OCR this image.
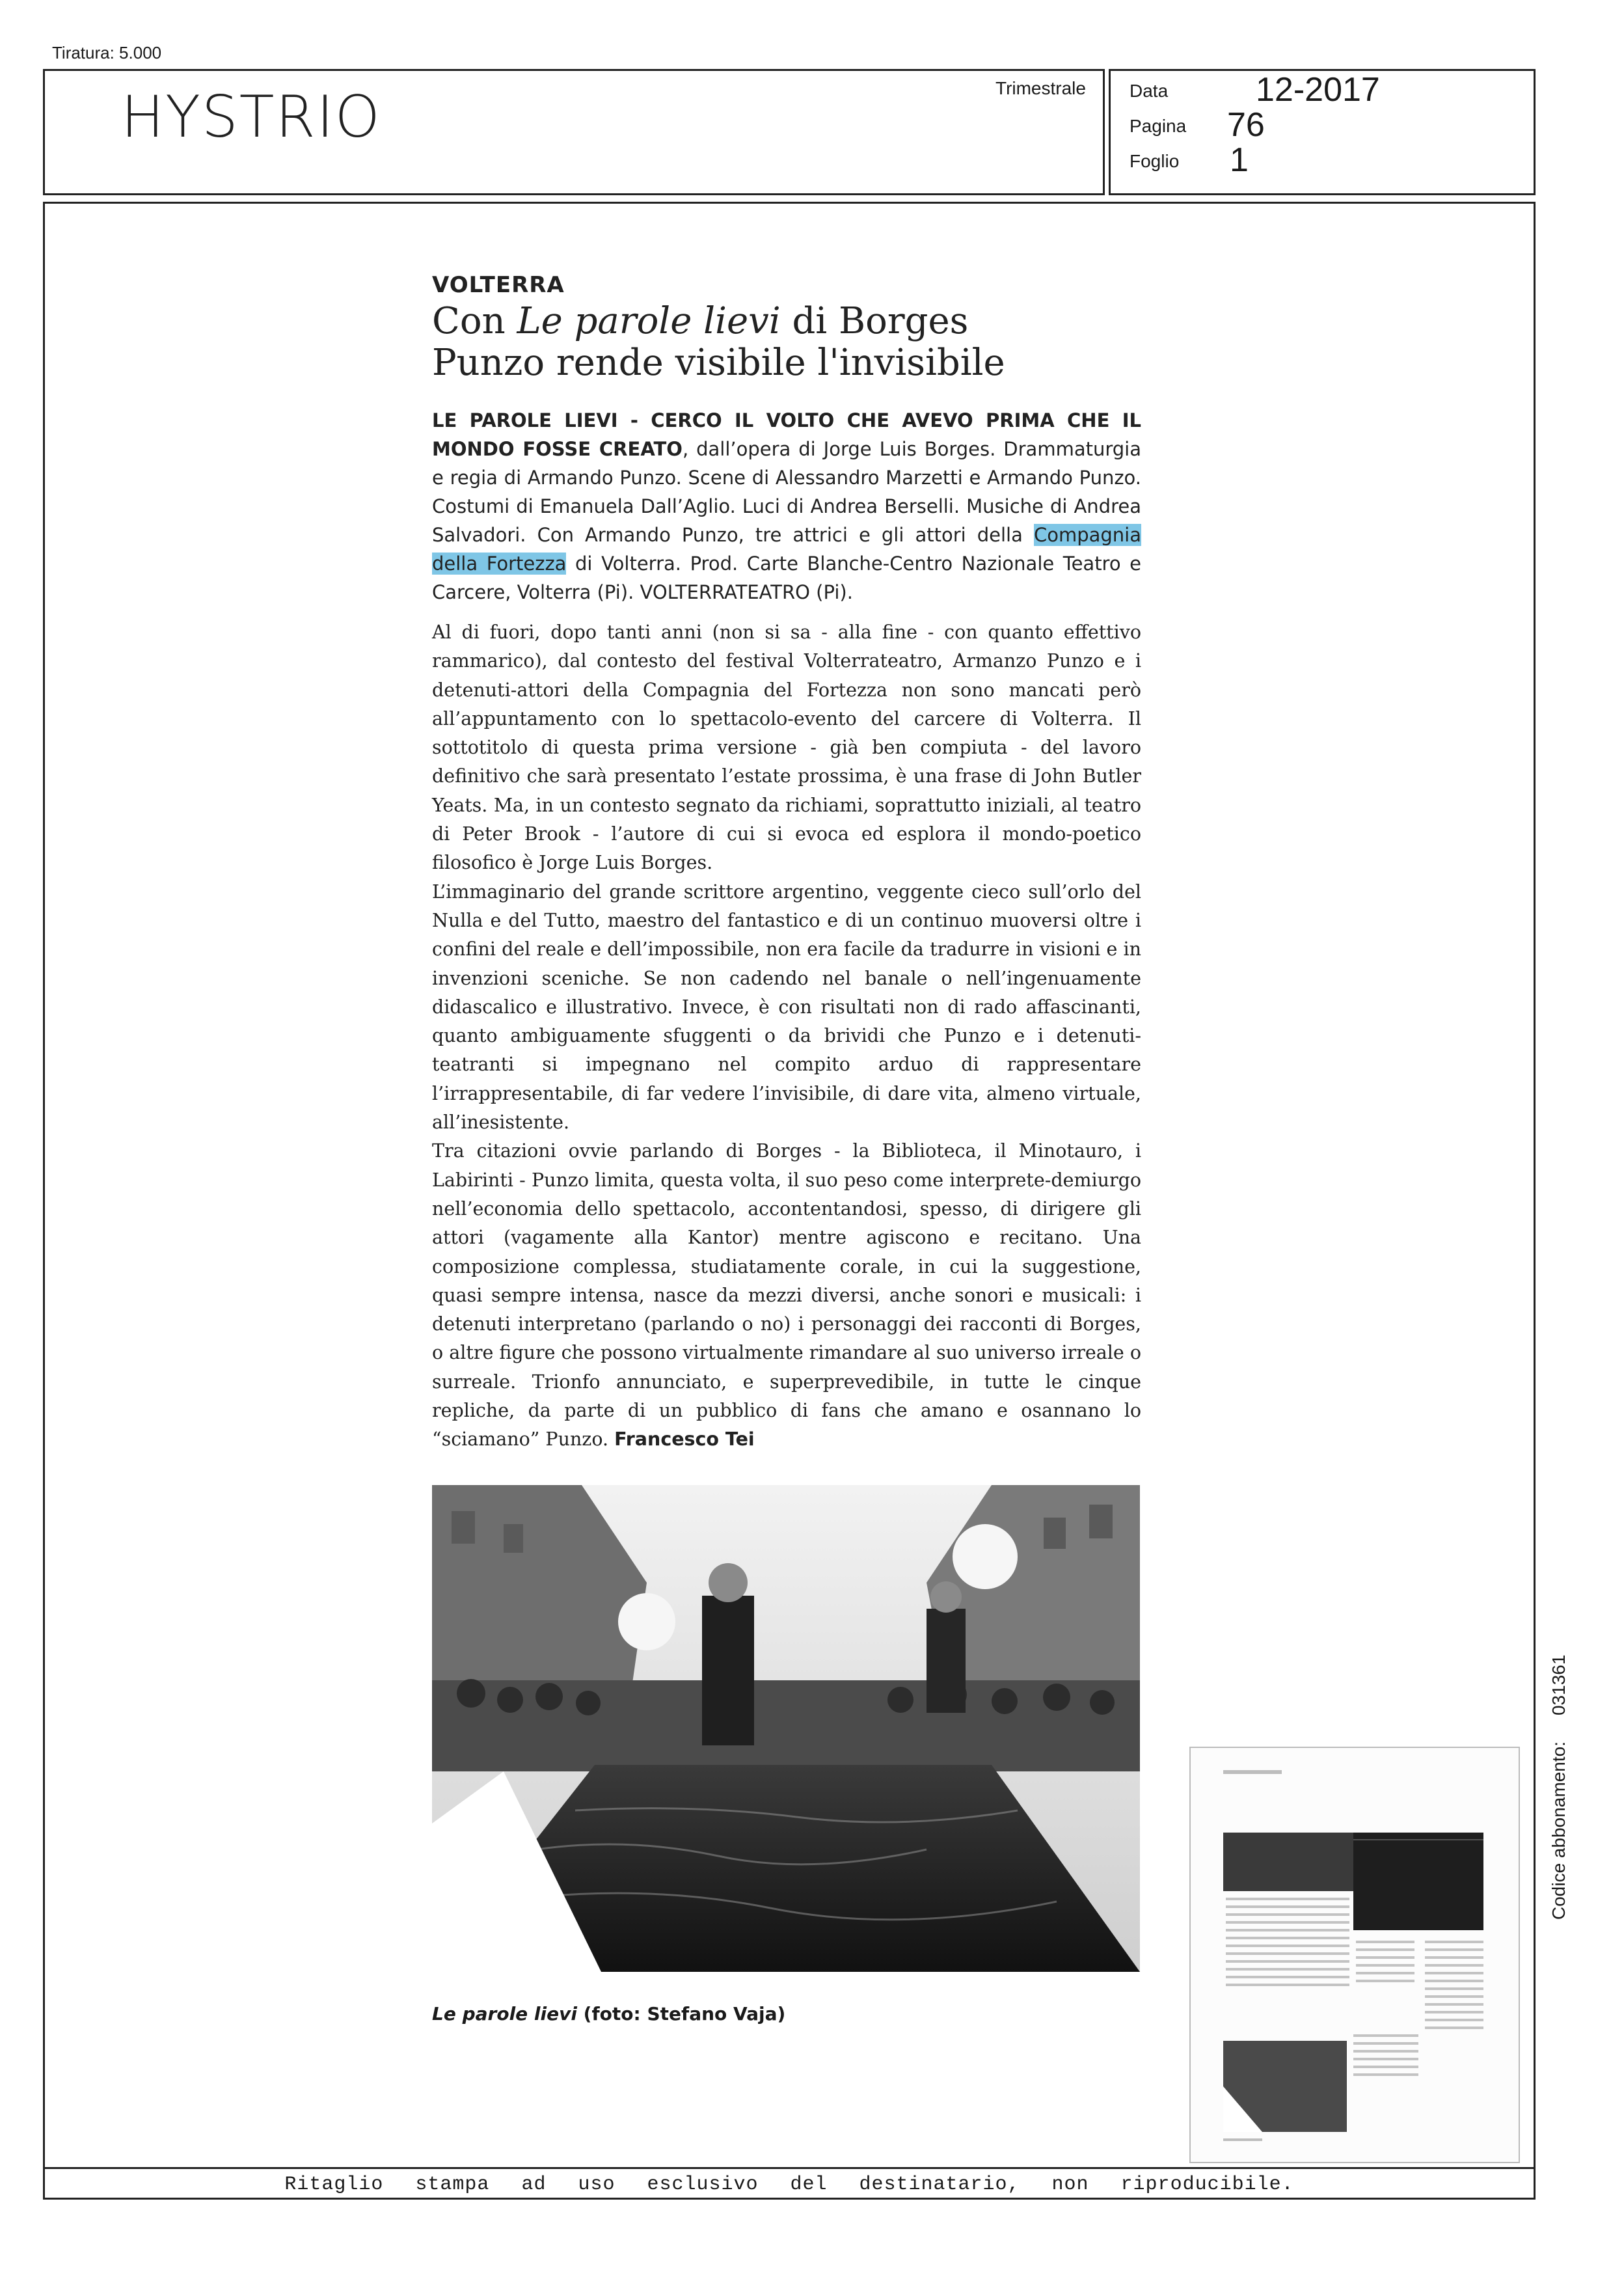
Tiratura: 5.000
HYSTRIO	Trimestrale Data	12-2017
Pagina 76
Foglio 1
VOLTERRA
Con Le parole lievi di Borges
Punzo rende visibile l'invisibile

LE PAROLE LIEVI - CERCO IL VOLTO CHE AVEVO PRIMA CHE IL MONDO FOSSE CREATO, dall’opera di Jorge Luis Borges. Drammaturgia e regia di Armando Punzo. Scene di Alessandro Marzetti e Armando Punzo. Costumi di Emanuela Dall’Aglio. Luci di Andrea Berselli. Musiche di Andrea Salvadori. Con Armando Punzo, tre attrici e gli attori della Compagnia della Fortezza di Volterra. Prod. Carte Blanche-Centro Nazionale Teatro e Carcere, Volterra (Pi). VOLTERRATEATRO (Pi).

Al di fuori, dopo tanti anni (non si sa - alla fine - con quanto effettivo rammarico), dal contesto del festival Volterrateatro, Armanzo Punzo e i detenuti-attori della Compagnia del Fortezza non sono mancati però all’appuntamento con lo spettacolo-evento del carcere di Volterra. Il sottotitolo di questa prima versione - già ben compiuta - del lavoro definitivo che sarà presentato l’estate prossima, è una frase di John Butler Yeats. Ma, in un contesto segnato da richiami, soprattutto iniziali, al teatro di Peter Brook - l’autore di cui si evoca ed esplora il mondo-poetico filosofico è Jorge Luis Borges.

L’immaginario del grande scrittore argentino, veggente cieco sull’orlo del Nulla e del Tutto, maestro del fantastico e di un continuo muoversi oltre i confini del reale e dell’impossibile, non era facile da tradurre in visioni e in invenzioni sceniche. Se non cadendo nel banale o nell’ingenuamente didascalico e illustrativo. Invece, è con risultati non di rado affascinanti, quanto ambiguamente sfuggenti o da brividi che Punzo e i detenuti-teatranti si impegnano nel compito arduo di rappresentare l’irrappresentabile, di far vedere l’invisibile, di dare vita, almeno virtuale, all’inesistente.

Tra citazioni ovvie parlando di Borges - la Biblioteca, il Minotauro, i Labirinti - Punzo limita, questa volta, il suo peso come interprete-demiurgo nell’economia dello spettacolo, accontentandosi, spesso, di dirigere gli attori (vagamente alla Kantor) mentre agiscono e recitano. Una composizione complessa, studiatamente corale, in cui la suggestione, quasi sempre intensa, nasce da mezzi diversi, anche sonori e musicali: i detenuti interpretano (parlando o no) i personaggi dei racconti di Borges, o altre figure che possono virtualmente rimandare al suo universo irreale o surreale. Trionfo annunciato, e superprevedibile, in tutte le cinque repliche, da parte di un pubblico di fans che amano e osannano lo “sciamano” Punzo. Francesco Tei

Le parole lievi (foto: Stefano Vaja)
Codice abbonamento:031361
Ritaglio stampa ad uso esclusivo del destinatario, non riproducibile.
